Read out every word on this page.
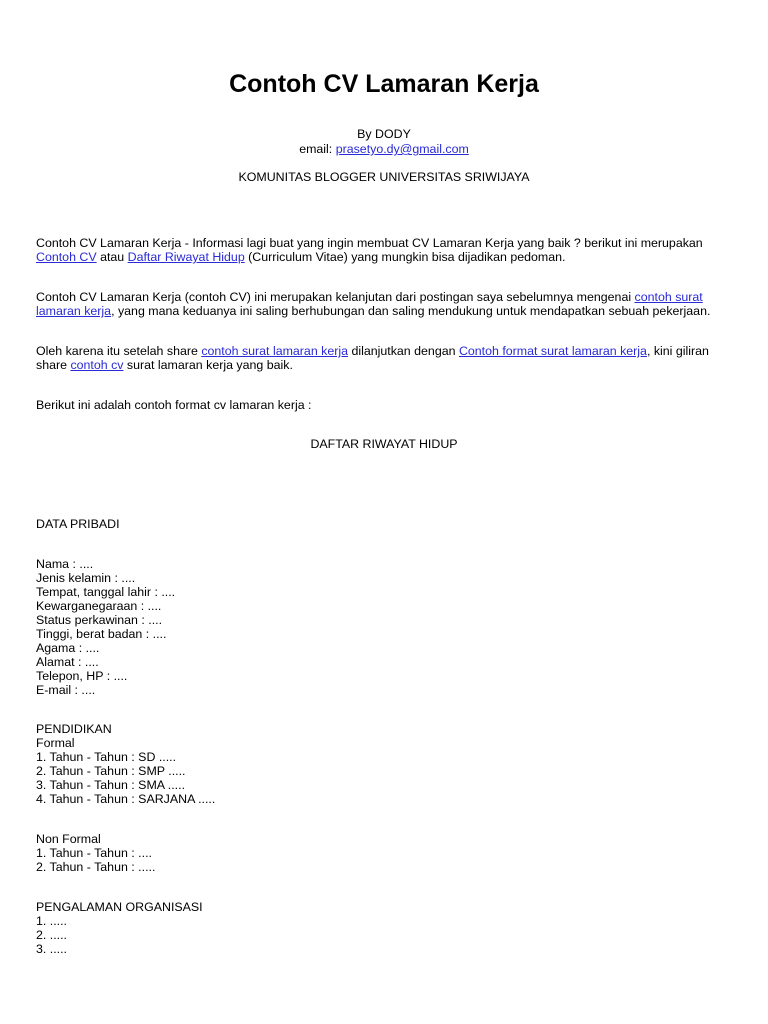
Contoh CV Lamaran Kerja
By DODY
email: prasetyo.dy@gmail.com
KOMUNITAS BLOGGER UNIVERSITAS SRIWIJAYA
Contoh CV Lamaran Kerja - Informasi lagi buat yang ingin membuat CV Lamaran Kerja yang baik ? berikut ini merupakan Contoh CV atau Daftar Riwayat Hidup (Curriculum Vitae) yang mungkin bisa dijadikan pedoman.
Contoh CV Lamaran Kerja (contoh CV) ini merupakan kelanjutan dari postingan saya sebelumnya mengenai contoh surat lamaran kerja, yang mana keduanya ini saling berhubungan dan saling mendukung untuk mendapatkan sebuah pekerjaan.
Oleh karena itu setelah share contoh surat lamaran kerja dilanjutkan dengan Contoh format surat lamaran kerja, kini giliran share contoh cv surat lamaran kerja yang baik.
Berikut ini adalah contoh format cv lamaran kerja :
DAFTAR RIWAYAT HIDUP
DATA PRIBADI
Nama : ....
Jenis kelamin : ....
Tempat, tanggal lahir : ....
Kewarganegaraan : ....
Status perkawinan : ....
Tinggi, berat badan : ....
Agama : ....
Alamat : ....
Telepon, HP : ....
E-mail : ....
PENDIDIKAN
Formal
1. Tahun - Tahun : SD .....
2. Tahun - Tahun : SMP .....
3. Tahun - Tahun : SMA .....
4. Tahun - Tahun : SARJANA .....
Non Formal
1. Tahun - Tahun : ....
2. Tahun - Tahun : .....
PENGALAMAN ORGANISASI
1. .....
2. .....
3. .....
